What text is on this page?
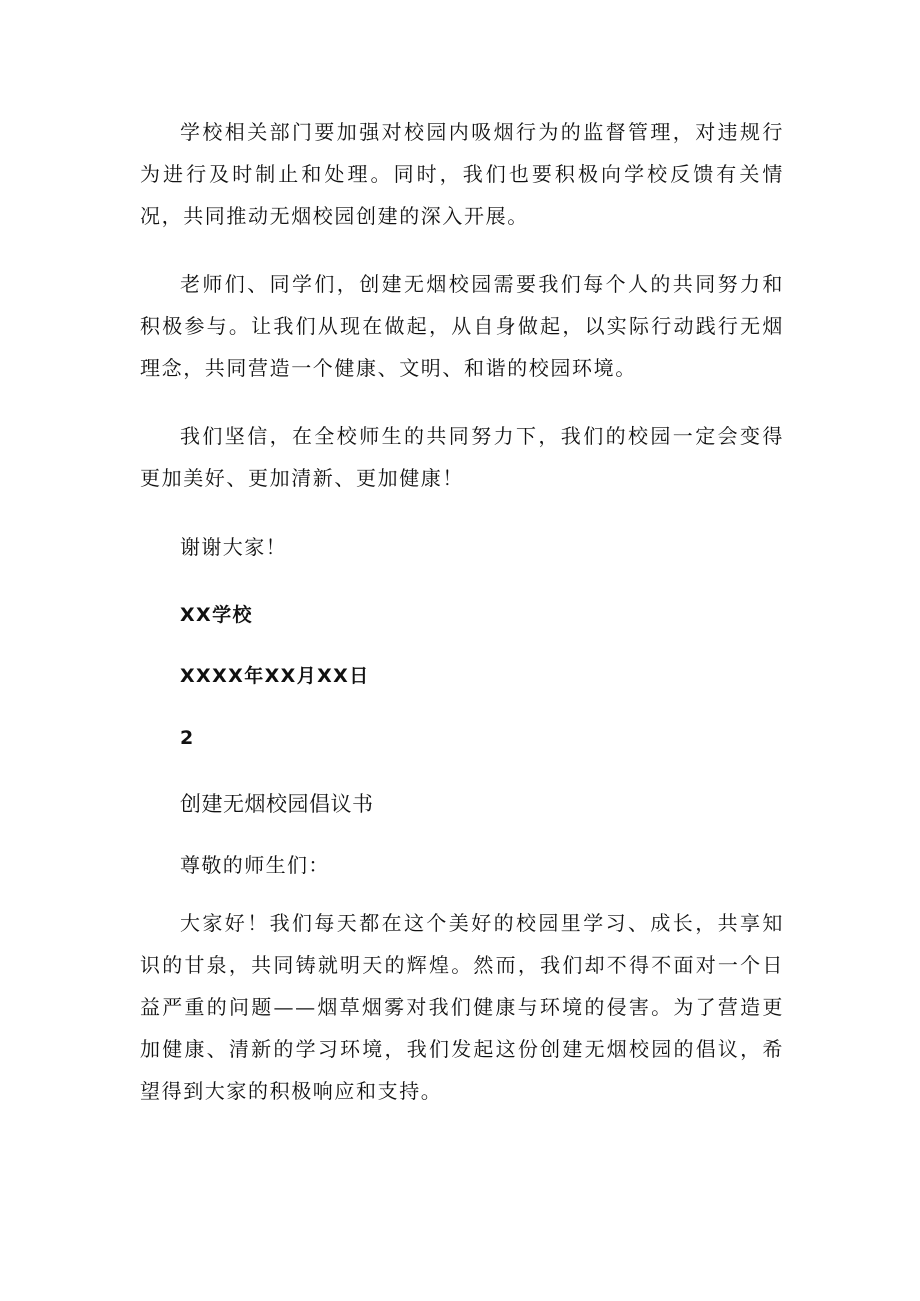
学校相关部门要加强对校园内吸烟行为的监督管理，对违规行为进行及时制止和处理。同时，我们也要积极向学校反馈有关情况，共同推动无烟校园创建的深入开展。

老师们、同学们，创建无烟校园需要我们每个人的共同努力和积极参与。让我们从现在做起，从自身做起，以实际行动践行无烟理念，共同营造一个健康、文明、和谐的校园环境。

我们坚信，在全校师生的共同努力下，我们的校园一定会变得更加美好、更加清新、更加健康！

谢谢大家！

XX学校

XXXX年XX月XX日

2

创建无烟校园倡议书

尊敬的师生们：

大家好！我们每天都在这个美好的校园里学习、成长，共享知识的甘泉，共同铸就明天的辉煌。然而，我们却不得不面对一个日益严重的问题——烟草烟雾对我们健康与环境的侵害。为了营造更加健康、清新的学习环境，我们发起这份创建无烟校园的倡议，希望得到大家的积极响应和支持。
